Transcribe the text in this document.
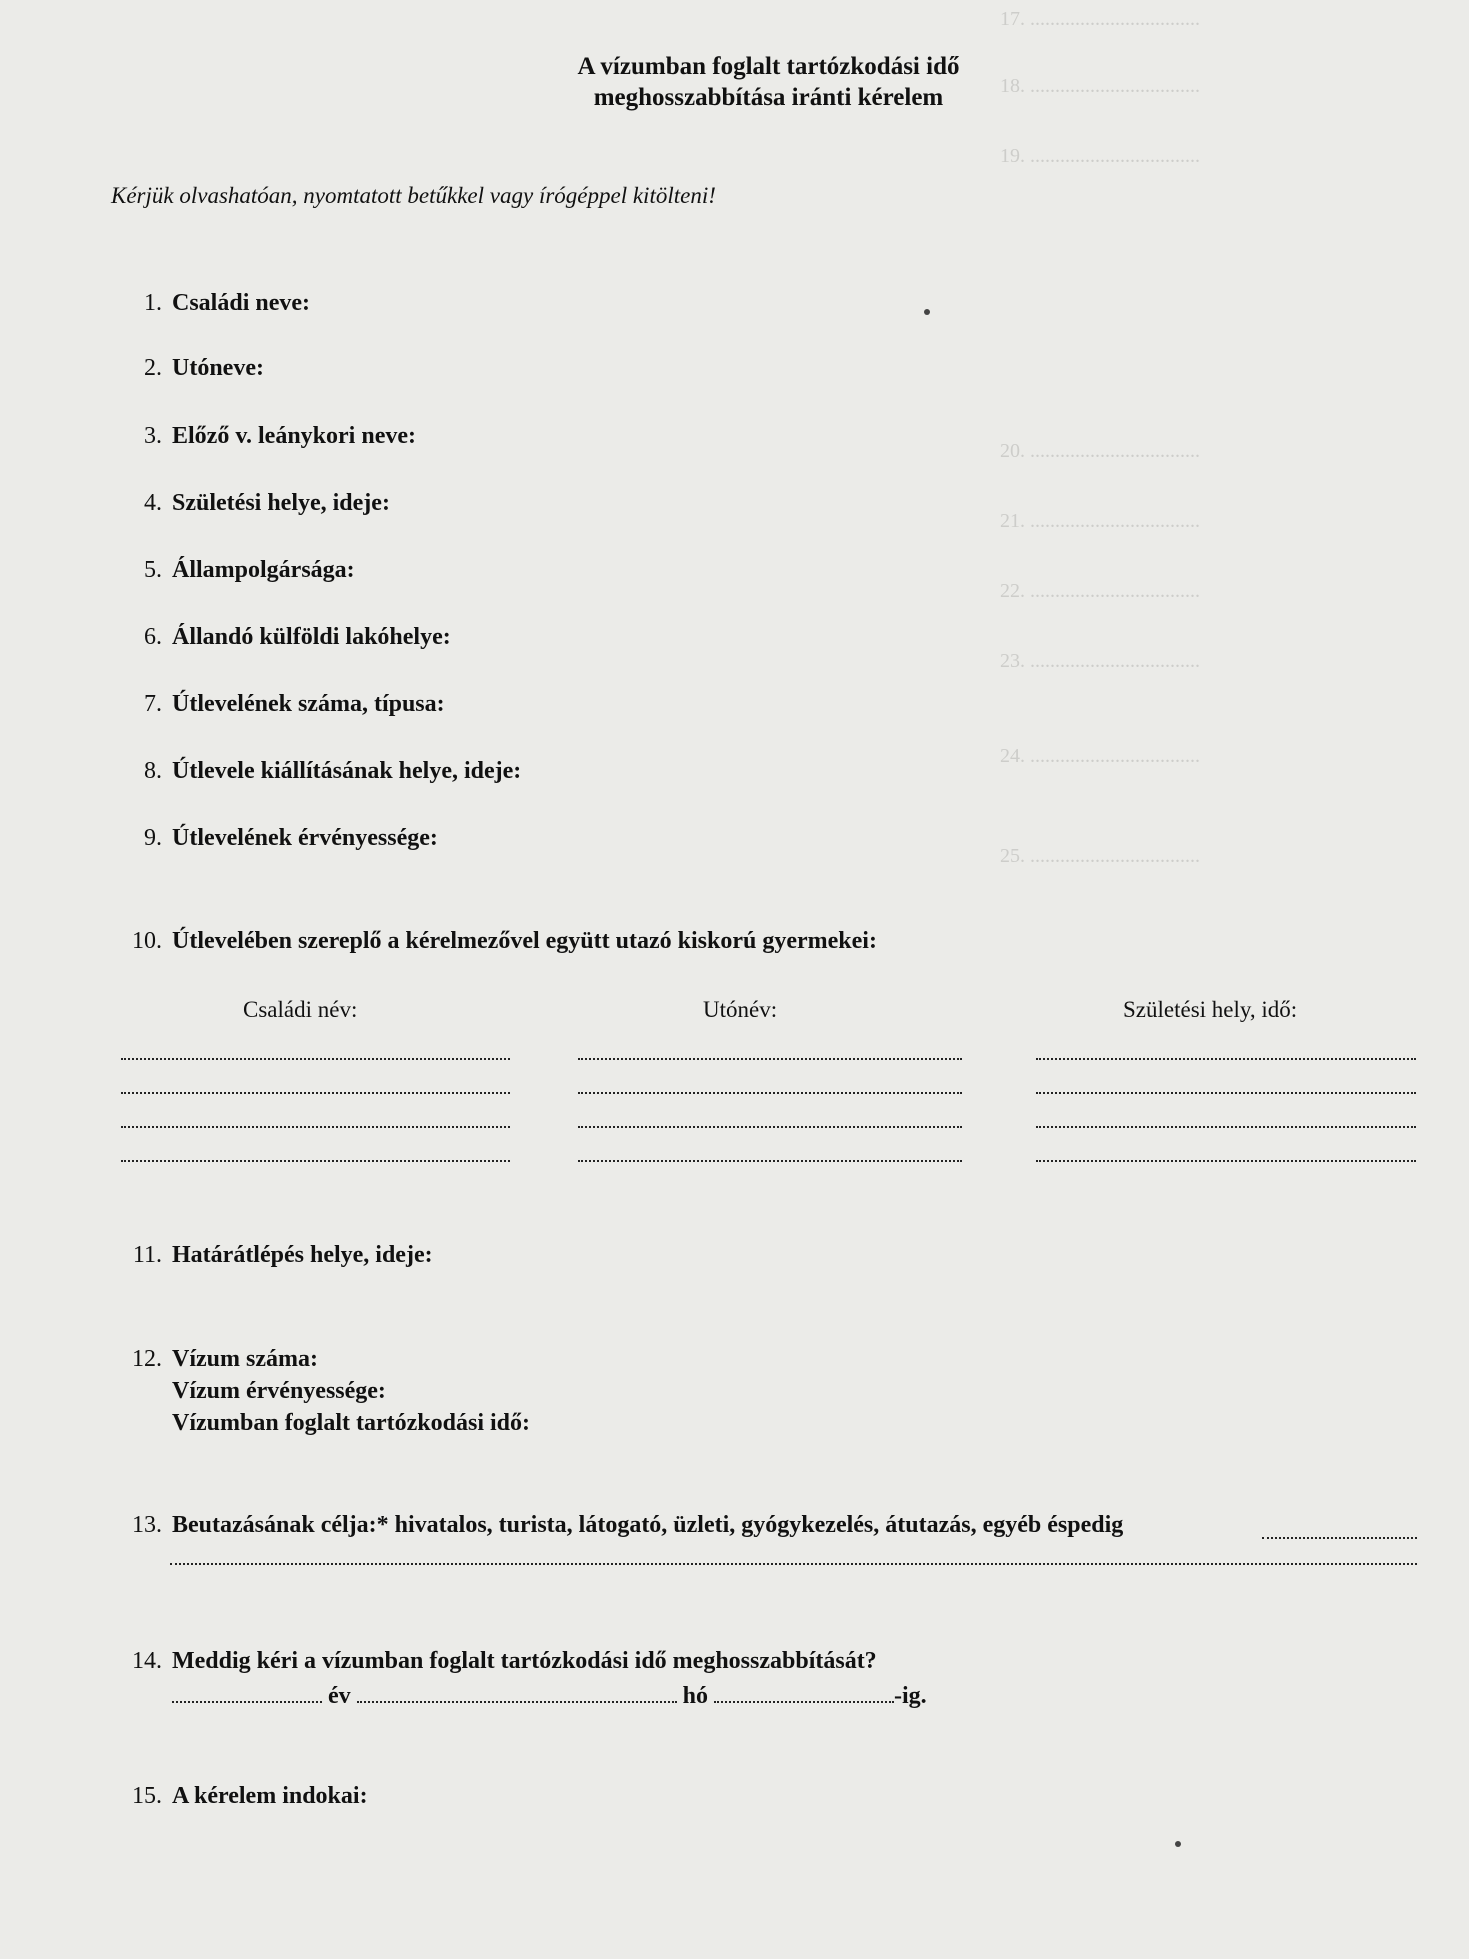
17. ..................................
18. ..................................
19. ..................................
20. ..................................
21. ..................................
22. ..................................
23. ..................................
24. ..................................
25. ..................................
A vízumban foglalt tartózkodási idő
meghosszabbítása iránti kérelem
Kérjük olvashatóan, nyomtatott betűkkel vagy írógéppel kitölteni!
1. Családi neve:
2. Utóneve:
3. Előző v. leánykori neve:
4. Születési helye, ideje:
5. Állampolgársága:
6. Állandó külföldi lakóhelye:
7. Útlevelének száma, típusa:
8. Útlevele kiállításának helye, ideje:
9. Útlevelének érvényessége:
10. Útlevelében szereplő a kérelmezővel együtt utazó kiskorú gyermekei:
Családi név:	Utónév:	Születési hely, idő:
11. Határátlépés helye, ideje:
12. Vízum száma:
Vízum érvényessége:
Vízumban foglalt tartózkodási idő:
13. Beutazásának célja:* hivatalos, turista, látogató, üzleti, gyógykezelés, átutazás, egyéb éspedig
14. Meddig kéri a vízumban foglalt tartózkodási idő meghosszabbítását?
év	hó	-ig.
15. A kérelem indokai:
